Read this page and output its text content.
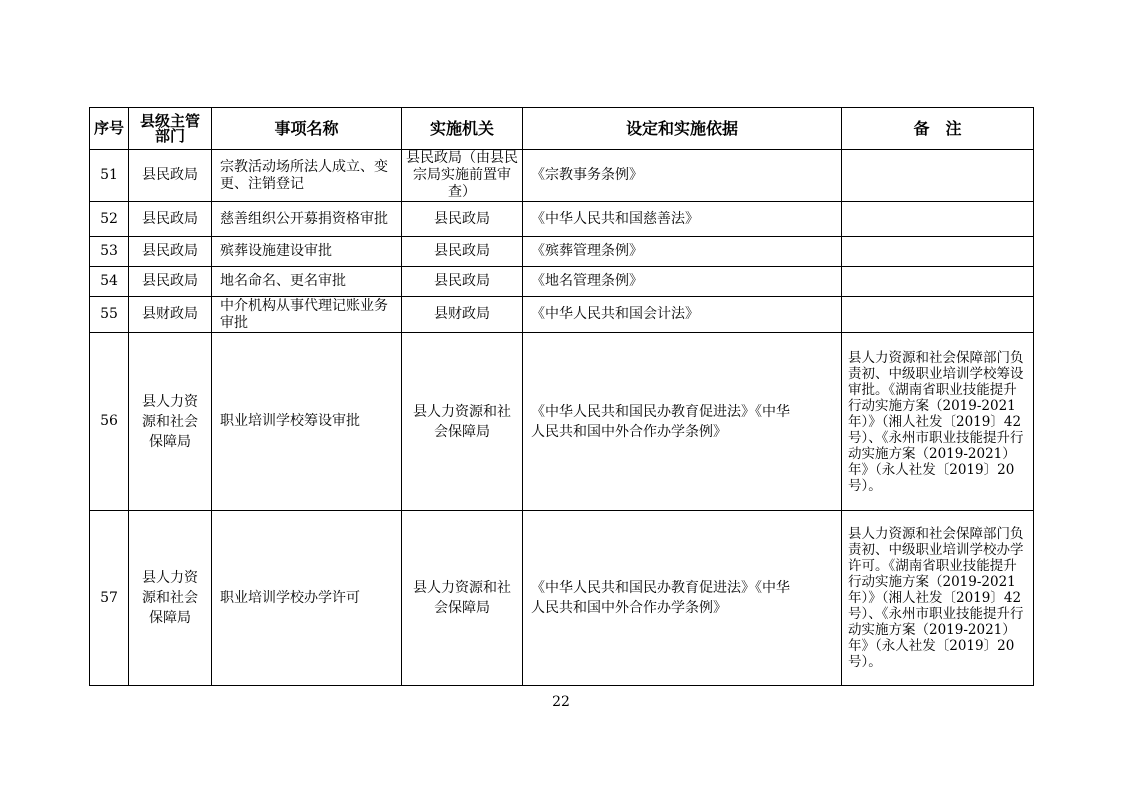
序号	县级主管部门	事项名称	实施机关	设定和实施依据	备　注
51	县民政局	宗教活动场所法人成立、变更、注销登记	县民政局（由县民宗局实施前置审查）	《宗教事务条例》	
52	县民政局	慈善组织公开募捐资格审批	县民政局	《中华人民共和国慈善法》	
53	县民政局	殡葬设施建设审批	县民政局	《殡葬管理条例》	
54	县民政局	地名命名、更名审批	县民政局	《地名管理条例》	
55	县财政局	中介机构从事代理记账业务审批	县财政局	《中华人民共和国会计法》	
56	县人力资源和社会保障局	职业培训学校筹设审批	县人力资源和社会保障局	《中华人民共和国民办教育促进法》《中华人民共和国中外合作办学条例》	县人力资源和社会保障部门负责初、中级职业培训学校筹设审批。《湖南省职业技能提升行动实施方案（2019-2021年）》（湘人社发〔2019〕42号）、《永州市职业技能提升行动实施方案（2019-2021）年》（永人社发〔2019〕20号）。
57	县人力资源和社会保障局	职业培训学校办学许可	县人力资源和社会保障局	《中华人民共和国民办教育促进法》《中华人民共和国中外合作办学条例》	县人力资源和社会保障部门负责初、中级职业培训学校办学许可。《湖南省职业技能提升行动实施方案（2019-2021年）》（湘人社发〔2019〕42号）、《永州市职业技能提升行动实施方案（2019-2021）年》（永人社发〔2019〕20号）。
22
